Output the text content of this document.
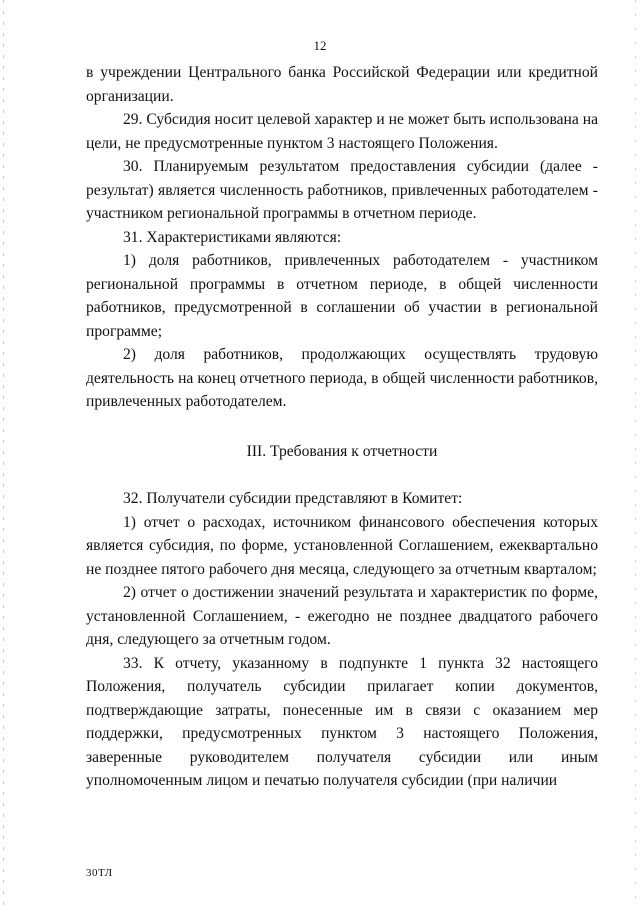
12

в учреждении Центрального банка Российской Федерации или кредитной организации.

29. Субсидия носит целевой характер и не может быть использована на цели, не предусмотренные пунктом 3 настоящего Положения.

30. Планируемым результатом предоставления субсидии (далее - результат) является численность работников, привлеченных работодателем - участником региональной программы в отчетном периоде.

31. Характеристиками являются:

1) доля работников, привлеченных работодателем - участником региональной программы в отчетном периоде, в общей численности работников, предусмотренной в соглашении об участии в региональной программе;

2) доля работников, продолжающих осуществлять трудовую деятельность на конец отчетного периода, в общей численности работников, привлеченных работодателем.

III. Требования к отчетности

32. Получатели субсидии представляют в Комитет:

1) отчет о расходах, источником финансового обеспечения которых является субсидия, по форме, установленной Соглашением, ежеквартально не позднее пятого рабочего дня месяца, следующего за отчетным кварталом;

2) отчет о достижении значений результата и характеристик по форме, установленной Соглашением, - ежегодно не позднее двадцатого рабочего дня, следующего за отчетным годом.

33. К отчету, указанному в подпункте 1 пункта 32 настоящего Положения, получатель субсидии прилагает копии документов, подтверждающие затраты, понесенные им в связи с оказанием мер поддержки, предусмотренных пунктом 3 настоящего Положения, заверенные руководителем получателя субсидии или иным уполномоченным лицом и печатью получателя субсидии (при наличии

30ТЛ
